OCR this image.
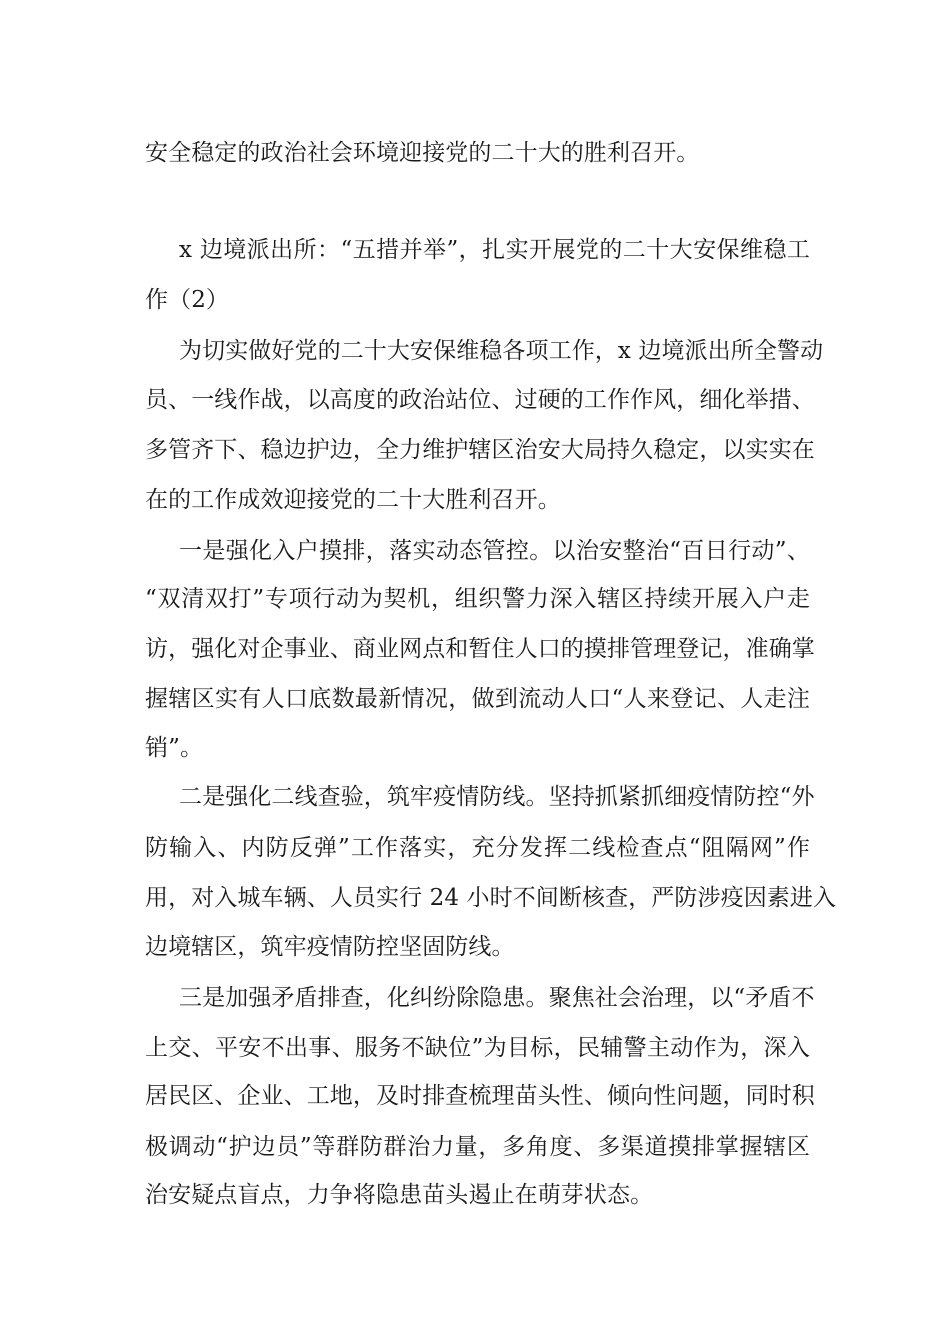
安全稳定的政治社会环境迎接党的二十大的胜利召开。
x 边境派出所：“五措并举”，扎实开展党的二十大安保维稳工
作（2）
为切实做好党的二十大安保维稳各项工作，x 边境派出所全警动
员、一线作战，以高度的政治站位、过硬的工作作风，细化举措、
多管齐下、稳边护边，全力维护辖区治安大局持久稳定，以实实在
在的工作成效迎接党的二十大胜利召开。
一是强化入户摸排，落实动态管控。以治安整治“百日行动”、
“双清双打”专项行动为契机，组织警力深入辖区持续开展入户走
访，强化对企事业、商业网点和暂住人口的摸排管理登记，准确掌
握辖区实有人口底数最新情况，做到流动人口“人来登记、人走注
销”。
二是强化二线查验，筑牢疫情防线。坚持抓紧抓细疫情防控“外
防输入、内防反弹”工作落实，充分发挥二线检查点“阻隔网”作
用，对入城车辆、人员实行 24 小时不间断核查，严防涉疫因素进入
边境辖区，筑牢疫情防控坚固防线。
三是加强矛盾排查，化纠纷除隐患。聚焦社会治理，以“矛盾不
上交、平安不出事、服务不缺位”为目标，民辅警主动作为，深入
居民区、企业、工地，及时排查梳理苗头性、倾向性问题，同时积
极调动“护边员”等群防群治力量，多角度、多渠道摸排掌握辖区
治安疑点盲点，力争将隐患苗头遏止在萌芽状态。
